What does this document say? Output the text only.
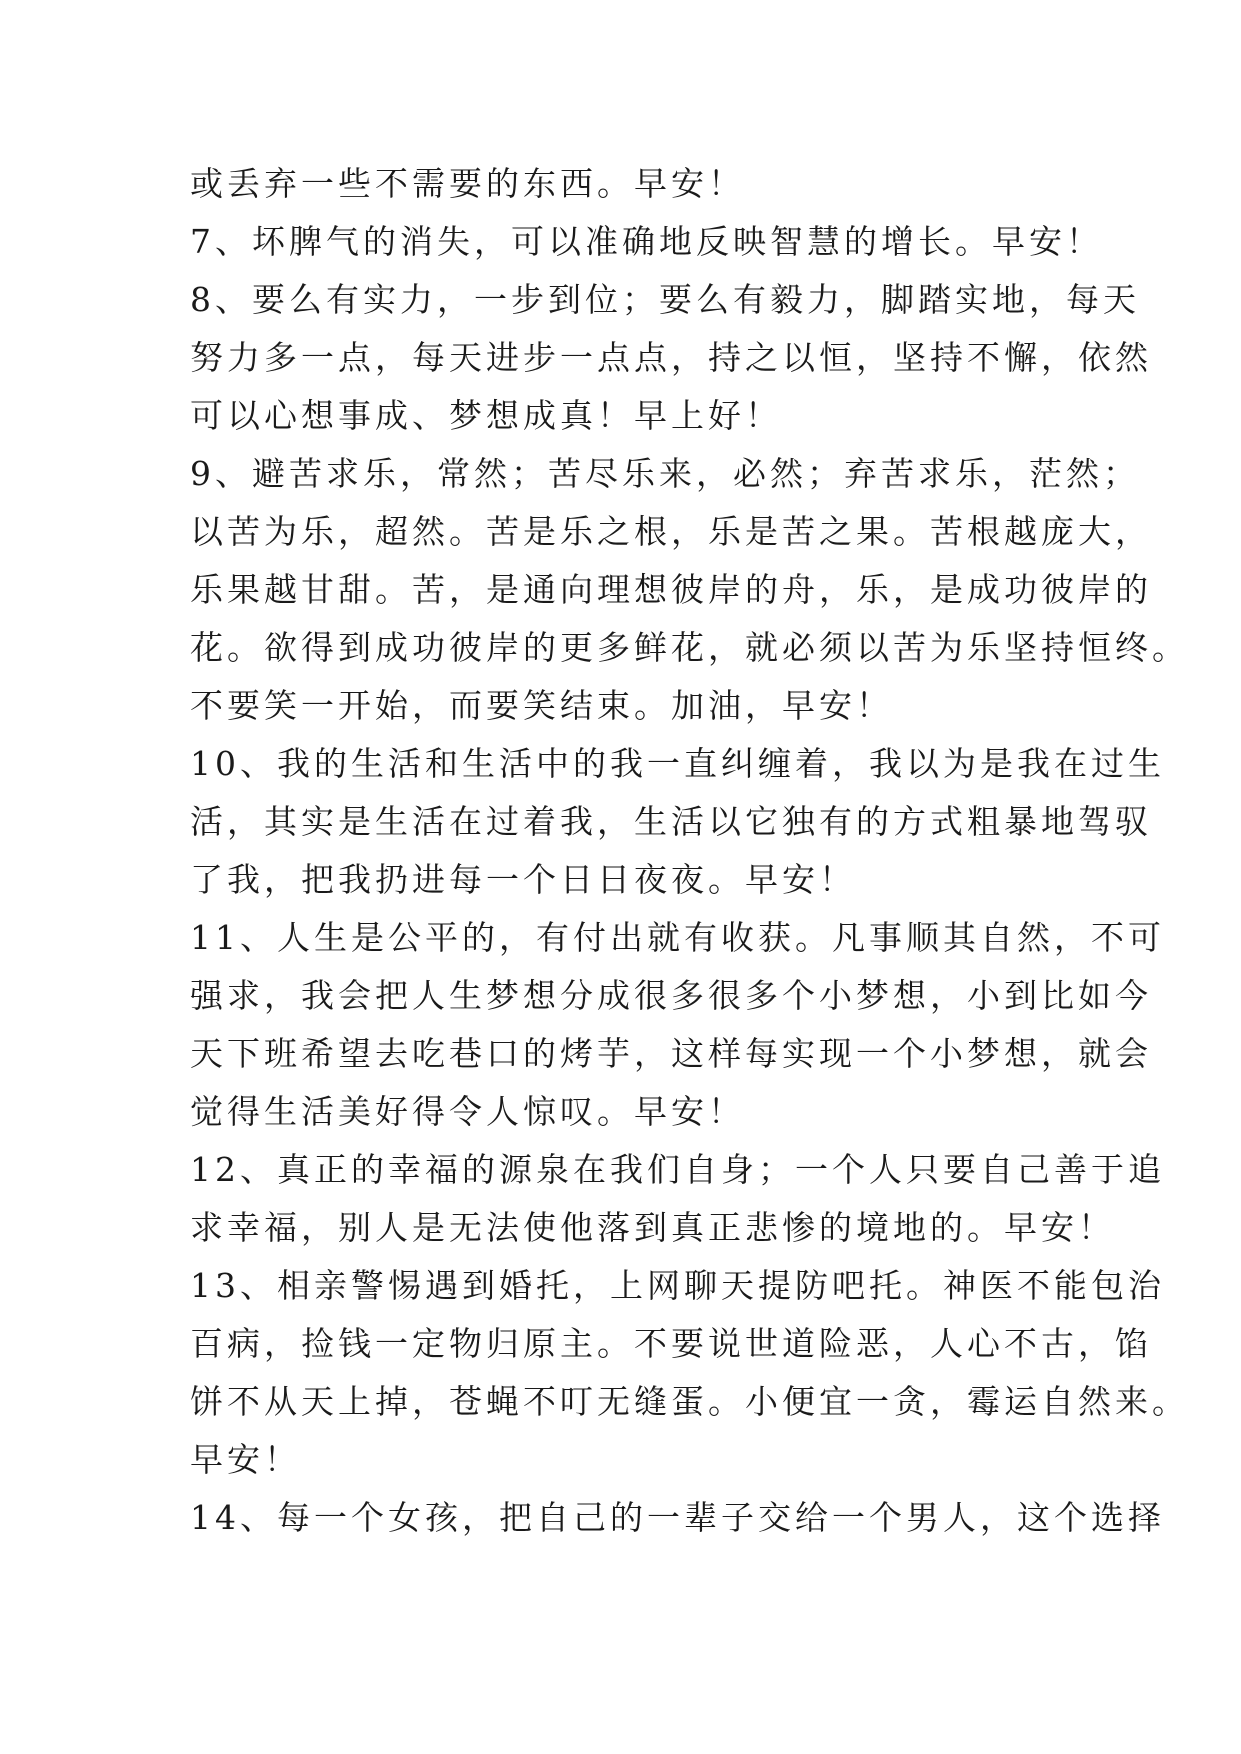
或丢弃一些不需要的东西。早安！
7、坏脾气的消失，可以准确地反映智慧的增长。早安！
8、要么有实力，一步到位；要么有毅力，脚踏实地，每天
努力多一点，每天进步一点点，持之以恒，坚持不懈，依然
可以心想事成、梦想成真！早上好！
9、避苦求乐，常然；苦尽乐来，必然；弃苦求乐，茫然；
以苦为乐，超然。苦是乐之根，乐是苦之果。苦根越庞大，
乐果越甘甜。苦，是通向理想彼岸的舟，乐，是成功彼岸的
花。欲得到成功彼岸的更多鲜花，就必须以苦为乐坚持恒终。
不要笑一开始，而要笑结束。加油，早安！
10、我的生活和生活中的我一直纠缠着，我以为是我在过生
活，其实是生活在过着我，生活以它独有的方式粗暴地驾驭
了我，把我扔进每一个日日夜夜。早安！
11、人生是公平的，有付出就有收获。凡事顺其自然，不可
强求，我会把人生梦想分成很多很多个小梦想，小到比如今
天下班希望去吃巷口的烤芋，这样每实现一个小梦想，就会
觉得生活美好得令人惊叹。早安！
12、真正的幸福的源泉在我们自身；一个人只要自己善于追
求幸福，别人是无法使他落到真正悲惨的境地的。早安！
13、相亲警惕遇到婚托，上网聊天提防吧托。神医不能包治
百病，捡钱一定物归原主。不要说世道险恶，人心不古，馅
饼不从天上掉，苍蝇不叮无缝蛋。小便宜一贪，霉运自然来。
早安！
14、每一个女孩，把自己的一辈子交给一个男人，这个选择
